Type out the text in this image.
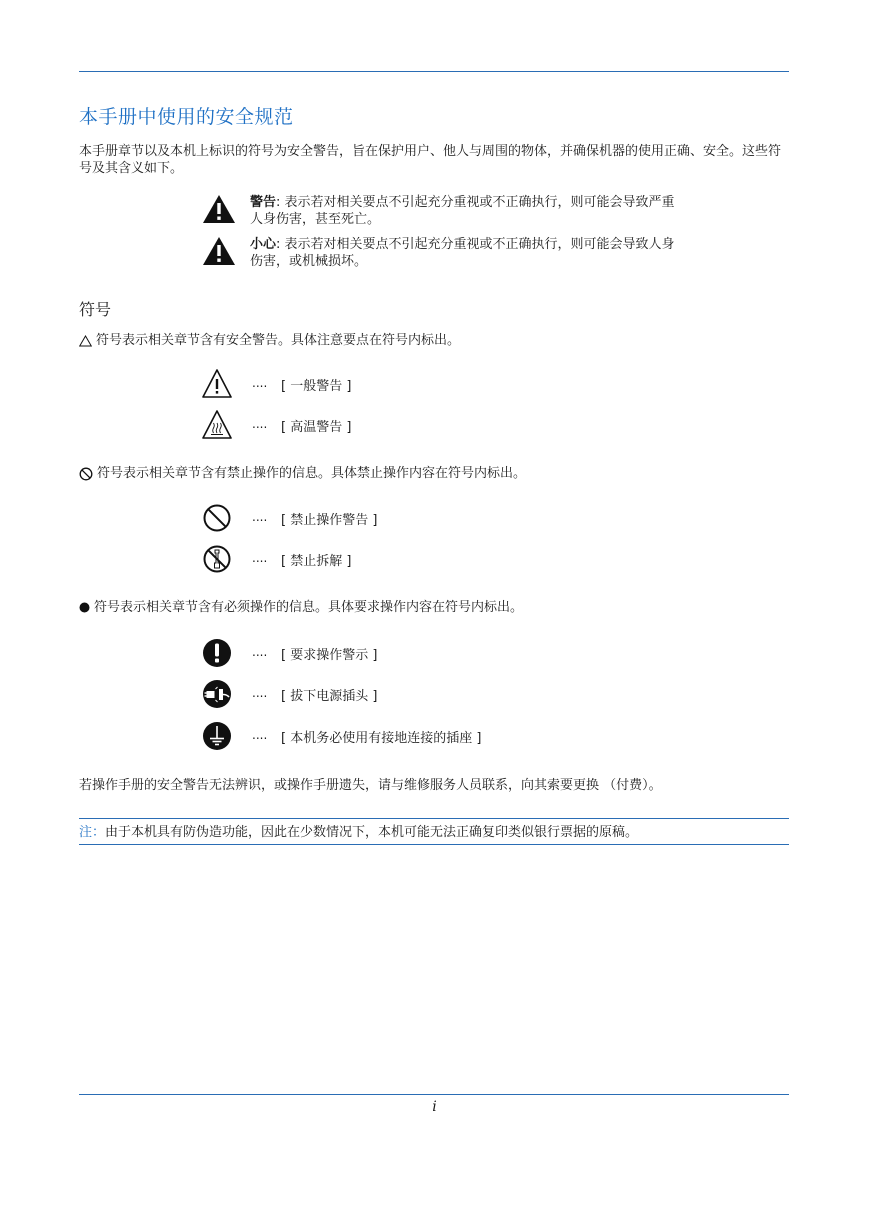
本手册中使用的安全规范

本手册章节以及本机上标识的符号为安全警告，旨在保护用户、他人与周围的物体，并确保机器的使用正确、安全。这些符号及其含义如下。

警告: 表示若对相关要点不引起充分重视或不正确执行，则可能会导致严重人身伤害，甚至死亡。
小心: 表示若对相关要点不引起充分重视或不正确执行，则可能会导致人身伤害，或机械损坏。
符号
符号表示相关章节含有安全警告。具体注意要点在符号内标出。
.... [ 一般警告 ]
.... [ 高温警告 ]
符号表示相关章节含有禁止操作的信息。具体禁止操作内容在符号内标出。
.... [ 禁止操作警告 ]
.... [ 禁止拆解 ]
符号表示相关章节含有必须操作的信息。具体要求操作内容在符号内标出。
.... [ 要求操作警示 ]
.... [ 拔下电源插头 ]
.... [ 本机务必使用有接地连接的插座 ]

若操作手册的安全警告无法辨识，或操作手册遗失，请与维修服务人员联系，向其索要更换 （付费）。

注：由于本机具有防伪造功能，因此在少数情况下，本机可能无法正确复印类似银行票据的原稿。
i
